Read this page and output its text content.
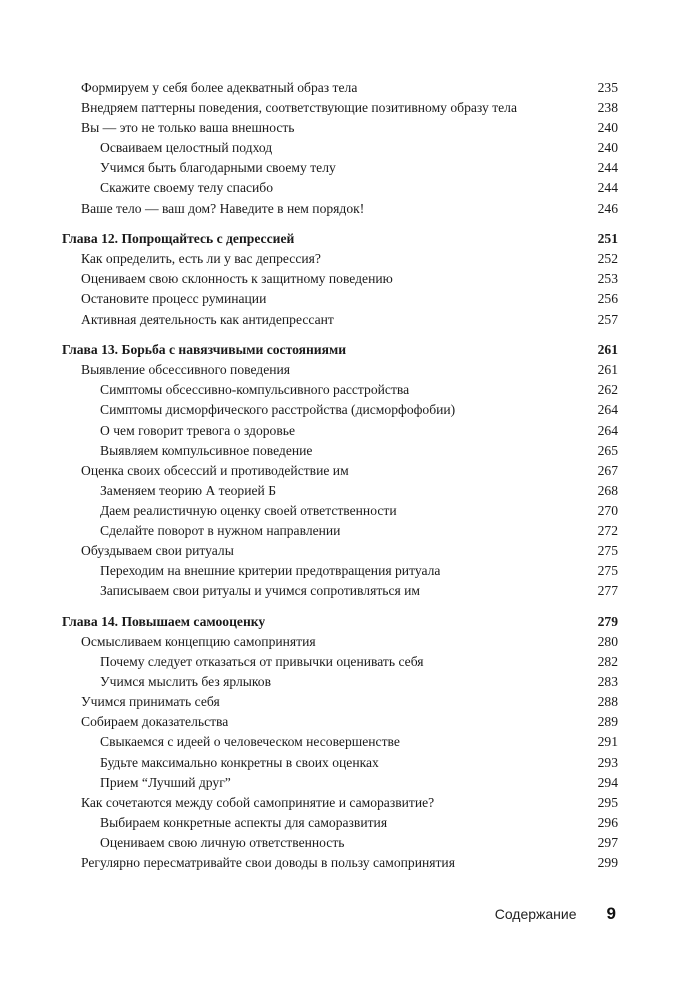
Формируем у себя более адекватный образ тела	235
Внедряем паттерны поведения, соответствующие позитивному образу тела	238
Вы — это не только ваша внешность	240
Осваиваем целостный подход	240
Учимся быть благодарными своему телу	244
Скажите своему телу спасибо	244
Ваше тело — ваш дом? Наведите в нем порядок!	246
Глава 12. Попрощайтесь с депрессией	251
Как определить, есть ли у вас депрессия?	252
Оцениваем свою склонность к защитному поведению	253
Остановите процесс руминации	256
Активная деятельность как антидепрессант	257
Глава 13. Борьба с навязчивыми состояниями	261
Выявление обсессивного поведения	261
Симптомы обсессивно-компульсивного расстройства	262
Симптомы дисморфического расстройства (дисморфофобии)	264
О чем говорит тревога о здоровье	264
Выявляем компульсивное поведение	265
Оценка своих обсессий и противодействие им	267
Заменяем теорию А теорией Б	268
Даем реалистичную оценку своей ответственности	270
Сделайте поворот в нужном направлении	272
Обуздываем свои ритуалы	275
Переходим на внешние критерии предотвращения ритуала	275
Записываем свои ритуалы и учимся сопротивляться им	277
Глава 14. Повышаем самооценку	279
Осмысливаем концепцию самопринятия	280
Почему следует отказаться от привычки оценивать себя	282
Учимся мыслить без ярлыков	283
Учимся принимать себя	288
Собираем доказательства	289
Свыкаемся с идеей о человеческом несовершенстве	291
Будьте максимально конкретны в своих оценках	293
Прием “Лучший друг”	294
Как сочетаются между собой самопринятие и саморазвитие?	295
Выбираем конкретные аспекты для саморазвития	296
Оцениваем свою личную ответственность	297
Регулярно пересматривайте свои доводы в пользу самопринятия	299
Содержание 9
